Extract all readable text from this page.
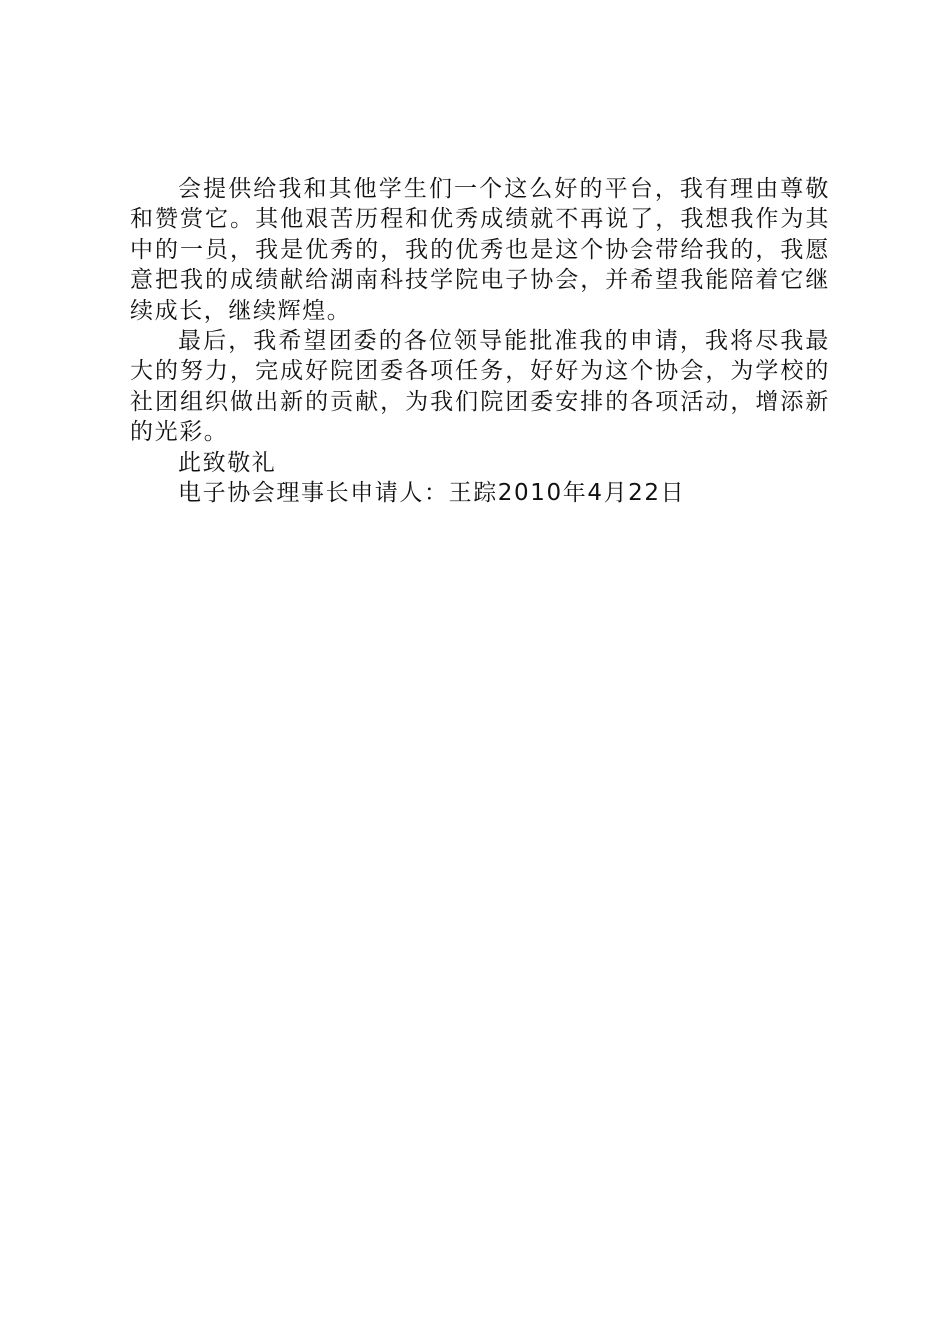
会提供给我和其他学生们一个这么好的平台，我有理由尊敬和赞赏它。其他艰苦历程和优秀成绩就不再说了，我想我作为其中的一员，我是优秀的，我的优秀也是这个协会带给我的，我愿意把我的成绩献给湖南科技学院电子协会，并希望我能陪着它继续成长，继续辉煌。

最后，我希望团委的各位领导能批准我的申请，我将尽我最大的努力，完成好院团委各项任务，好好为这个协会，为学校的社团组织做出新的贡献，为我们院团委安排的各项活动，增添新的光彩。

此致敬礼

电子协会理事长申请人：王踪2010年4月22日
